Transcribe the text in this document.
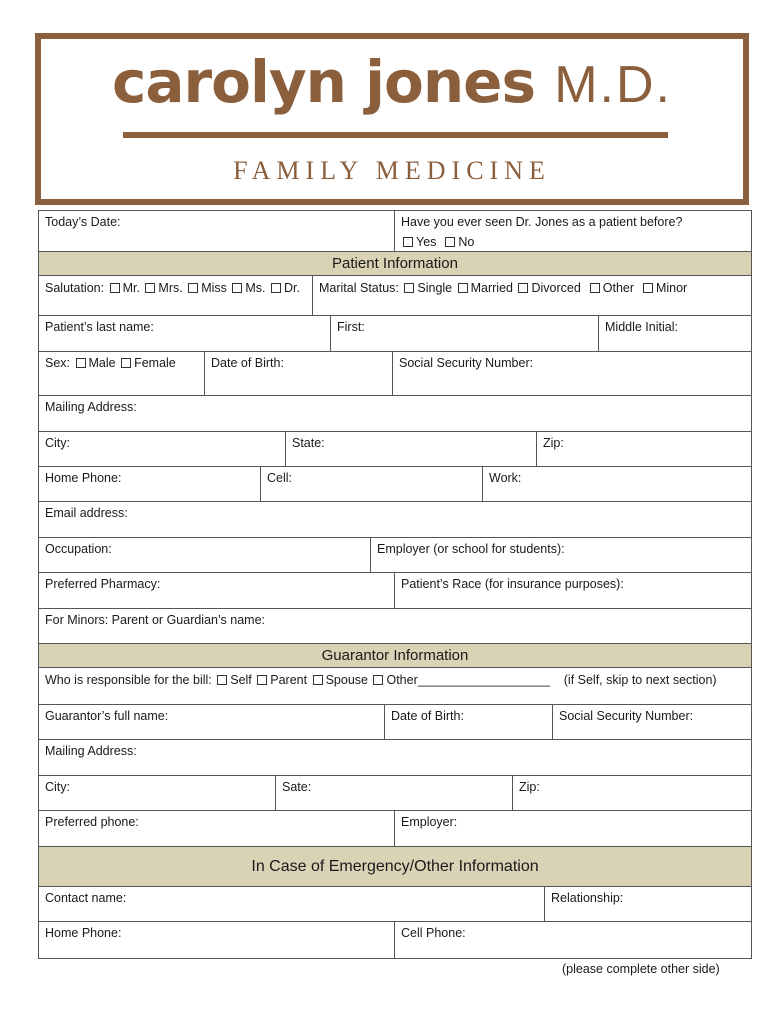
carolyn jones M.D.
FAMILY MEDICINE
Today’s Date:	Have you ever seen Dr. Jones as a patient before?
Yes No
Patient Information
Salutation: Mr. Mrs. Miss Ms. Dr.	Marital Status: Single Married Divorced Other Minor
Patient’s last name:	First:	Middle Initial:
Sex: Male Female	Date of Birth:	Social Security Number:
Mailing Address:
City:	State:	Zip:
Home Phone:	Cell:	Work:
Email address:
Occupation:	Employer (or school for students):
Preferred Pharmacy:	Patient’s Race (for insurance purposes):
For Minors: Parent or Guardian’s name:
Guarantor Information
Who is responsible for the bill: Self Parent Spouse Other___________________ (if Self, skip to next section)
Guarantor’s full name:	Date of Birth:	Social Security Number:
Mailing Address:
City:	Sate:	Zip:
Preferred phone:	Employer:
In Case of Emergency/Other Information
Contact name:	Relationship:
Home Phone:	Cell Phone:
(please complete other side)
